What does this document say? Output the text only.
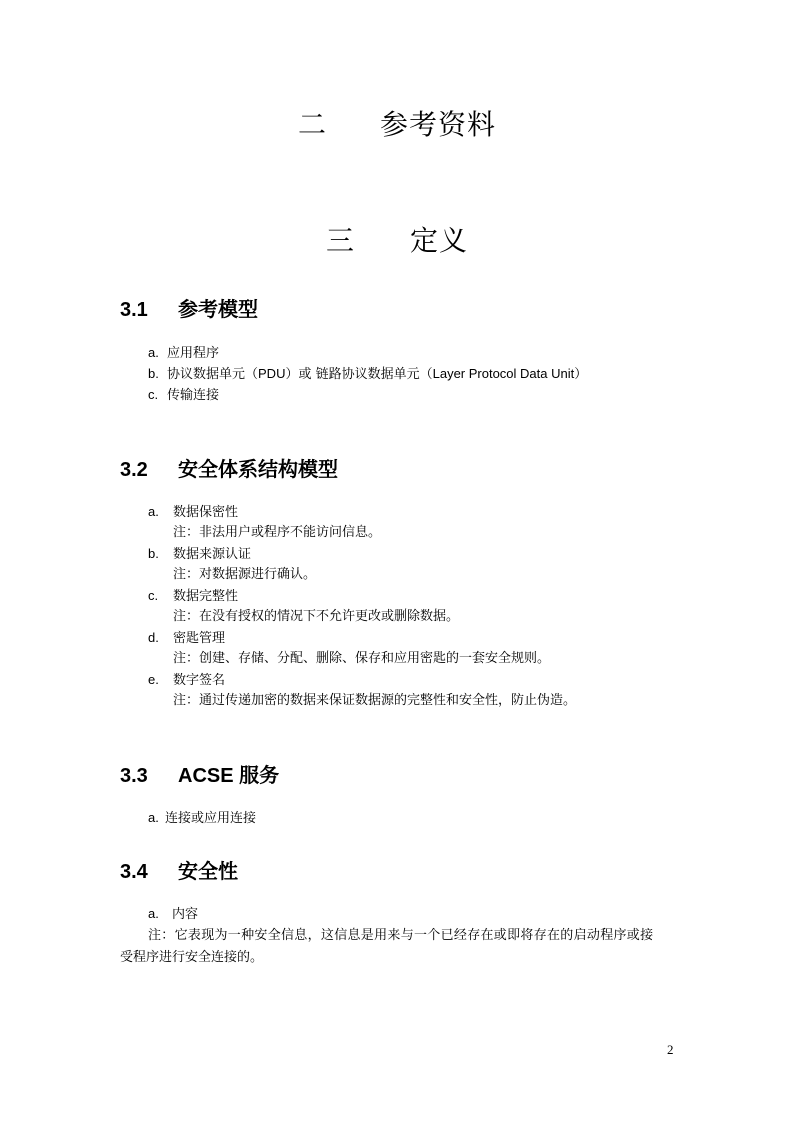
二 参考资料
三 定义
3.1 参考模型
a. 应用程序
b. 协议数据单元（PDU）或 链路协议数据单元（Layer Protocol Data Unit）
c. 传输连接
3.2 安全体系结构模型
a. 数据保密性
注：非法用户或程序不能访问信息。
b. 数据来源认证
注：对数据源进行确认。
c. 数据完整性
注：在没有授权的情况下不允许更改或删除数据。
d. 密匙管理
注：创建、存储、分配、删除、保存和应用密匙的一套安全规则。
e. 数字签名
注：通过传递加密的数据来保证数据源的完整性和安全性，防止伪造。
3.3 ACSE 服务
a. 连接或应用连接
3.4 安全性
a. 内容
注：它表现为一种安全信息，这信息是用来与一个已经存在或即将存在的启动程序或接
受程序进行安全连接的。
2
